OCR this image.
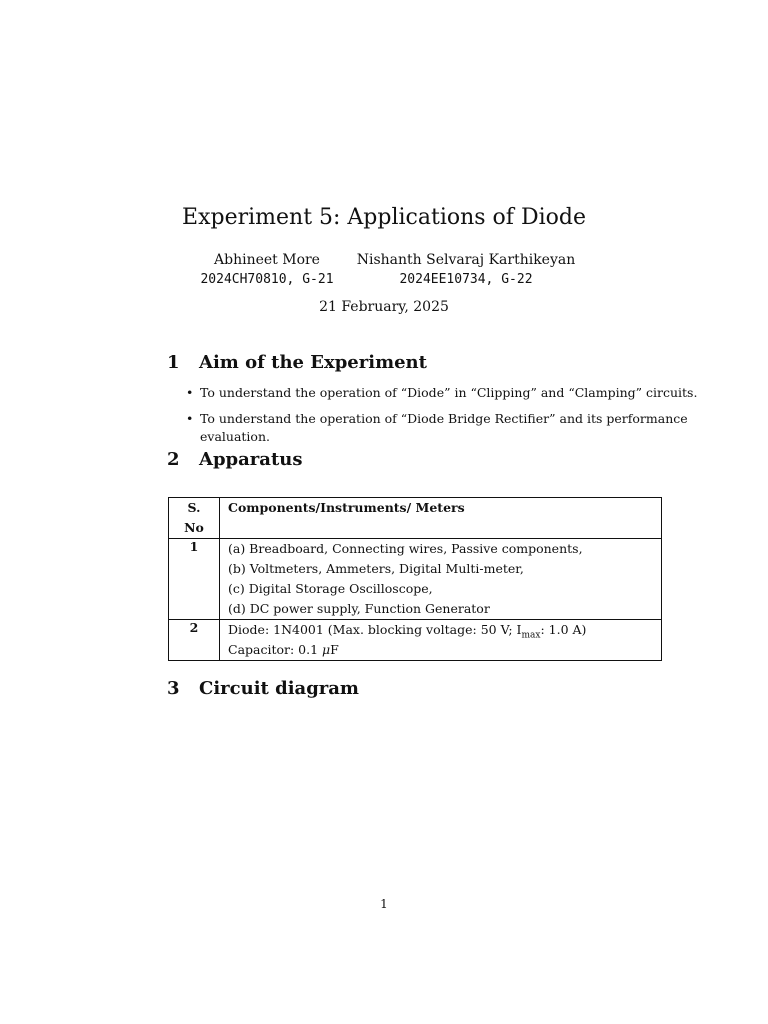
Experiment 5: Applications of Diode
Abhineet More
2024CH70810, G-21
Nishanth Selvaraj Karthikeyan
2024EE10734, G-22
21 February, 2025
1 Aim of the Experiment
• To understand the operation of “Diode” in “Clipping” and “Clamping” circuits.
• To understand the operation of “Diode Bridge Rectifier” and its performance evaluation.
2 Apparatus
S. No	Components/Instruments/ Meters
1	(a) Breadboard, Connecting wires, Passive components,
(b) Voltmeters, Ammeters, Digital Multi-meter,
(c) Digital Storage Oscilloscope,
(d) DC power supply, Function Generator

2	Diode: 1N4001 (Max. blocking voltage: 50 V; $I_{max}$: 1.0 A)
Capacitor: 0.1 μF
3 Circuit diagram
1
